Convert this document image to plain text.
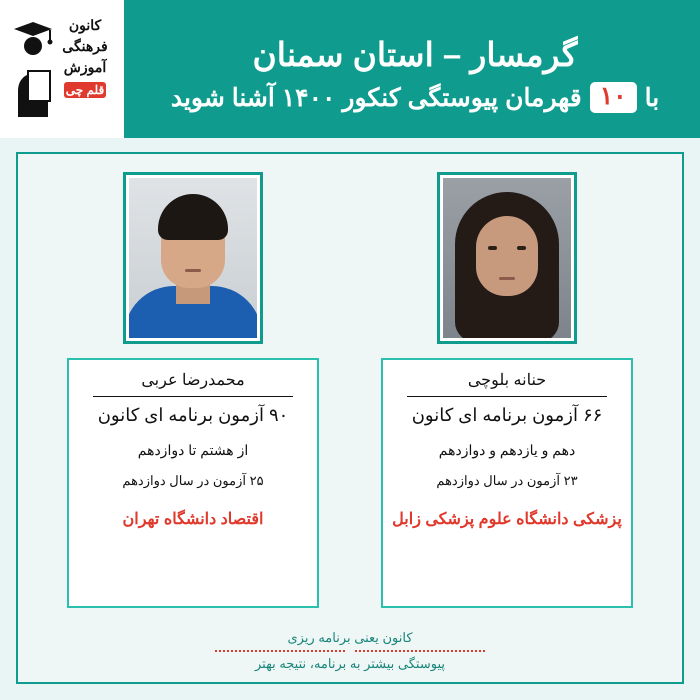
کانون
فرهنگی
آموزش
قلم چی
گرمسار – استان سمنان
با
۱۰
قهرمان پیوستگی کنکور ۱۴۰۰ آشنا شوید
محمدرضا عربی
۹۰ آزمون برنامه ای کانون
از هشتم تا دوازدهم
۲۵ آزمون در سال دوازدهم
اقتصاد دانشگاه تهران
حنانه بلوچی
۶۶ آزمون برنامه ای کانون
دهم و یازدهم و دوازدهم
۲۳ آزمون در سال دوازدهم
پزشکی دانشگاه علوم پزشکی زابل
کانون یعنی برنامه ریزی
پیوستگی بیشتر به برنامه، نتیجه بهتر
